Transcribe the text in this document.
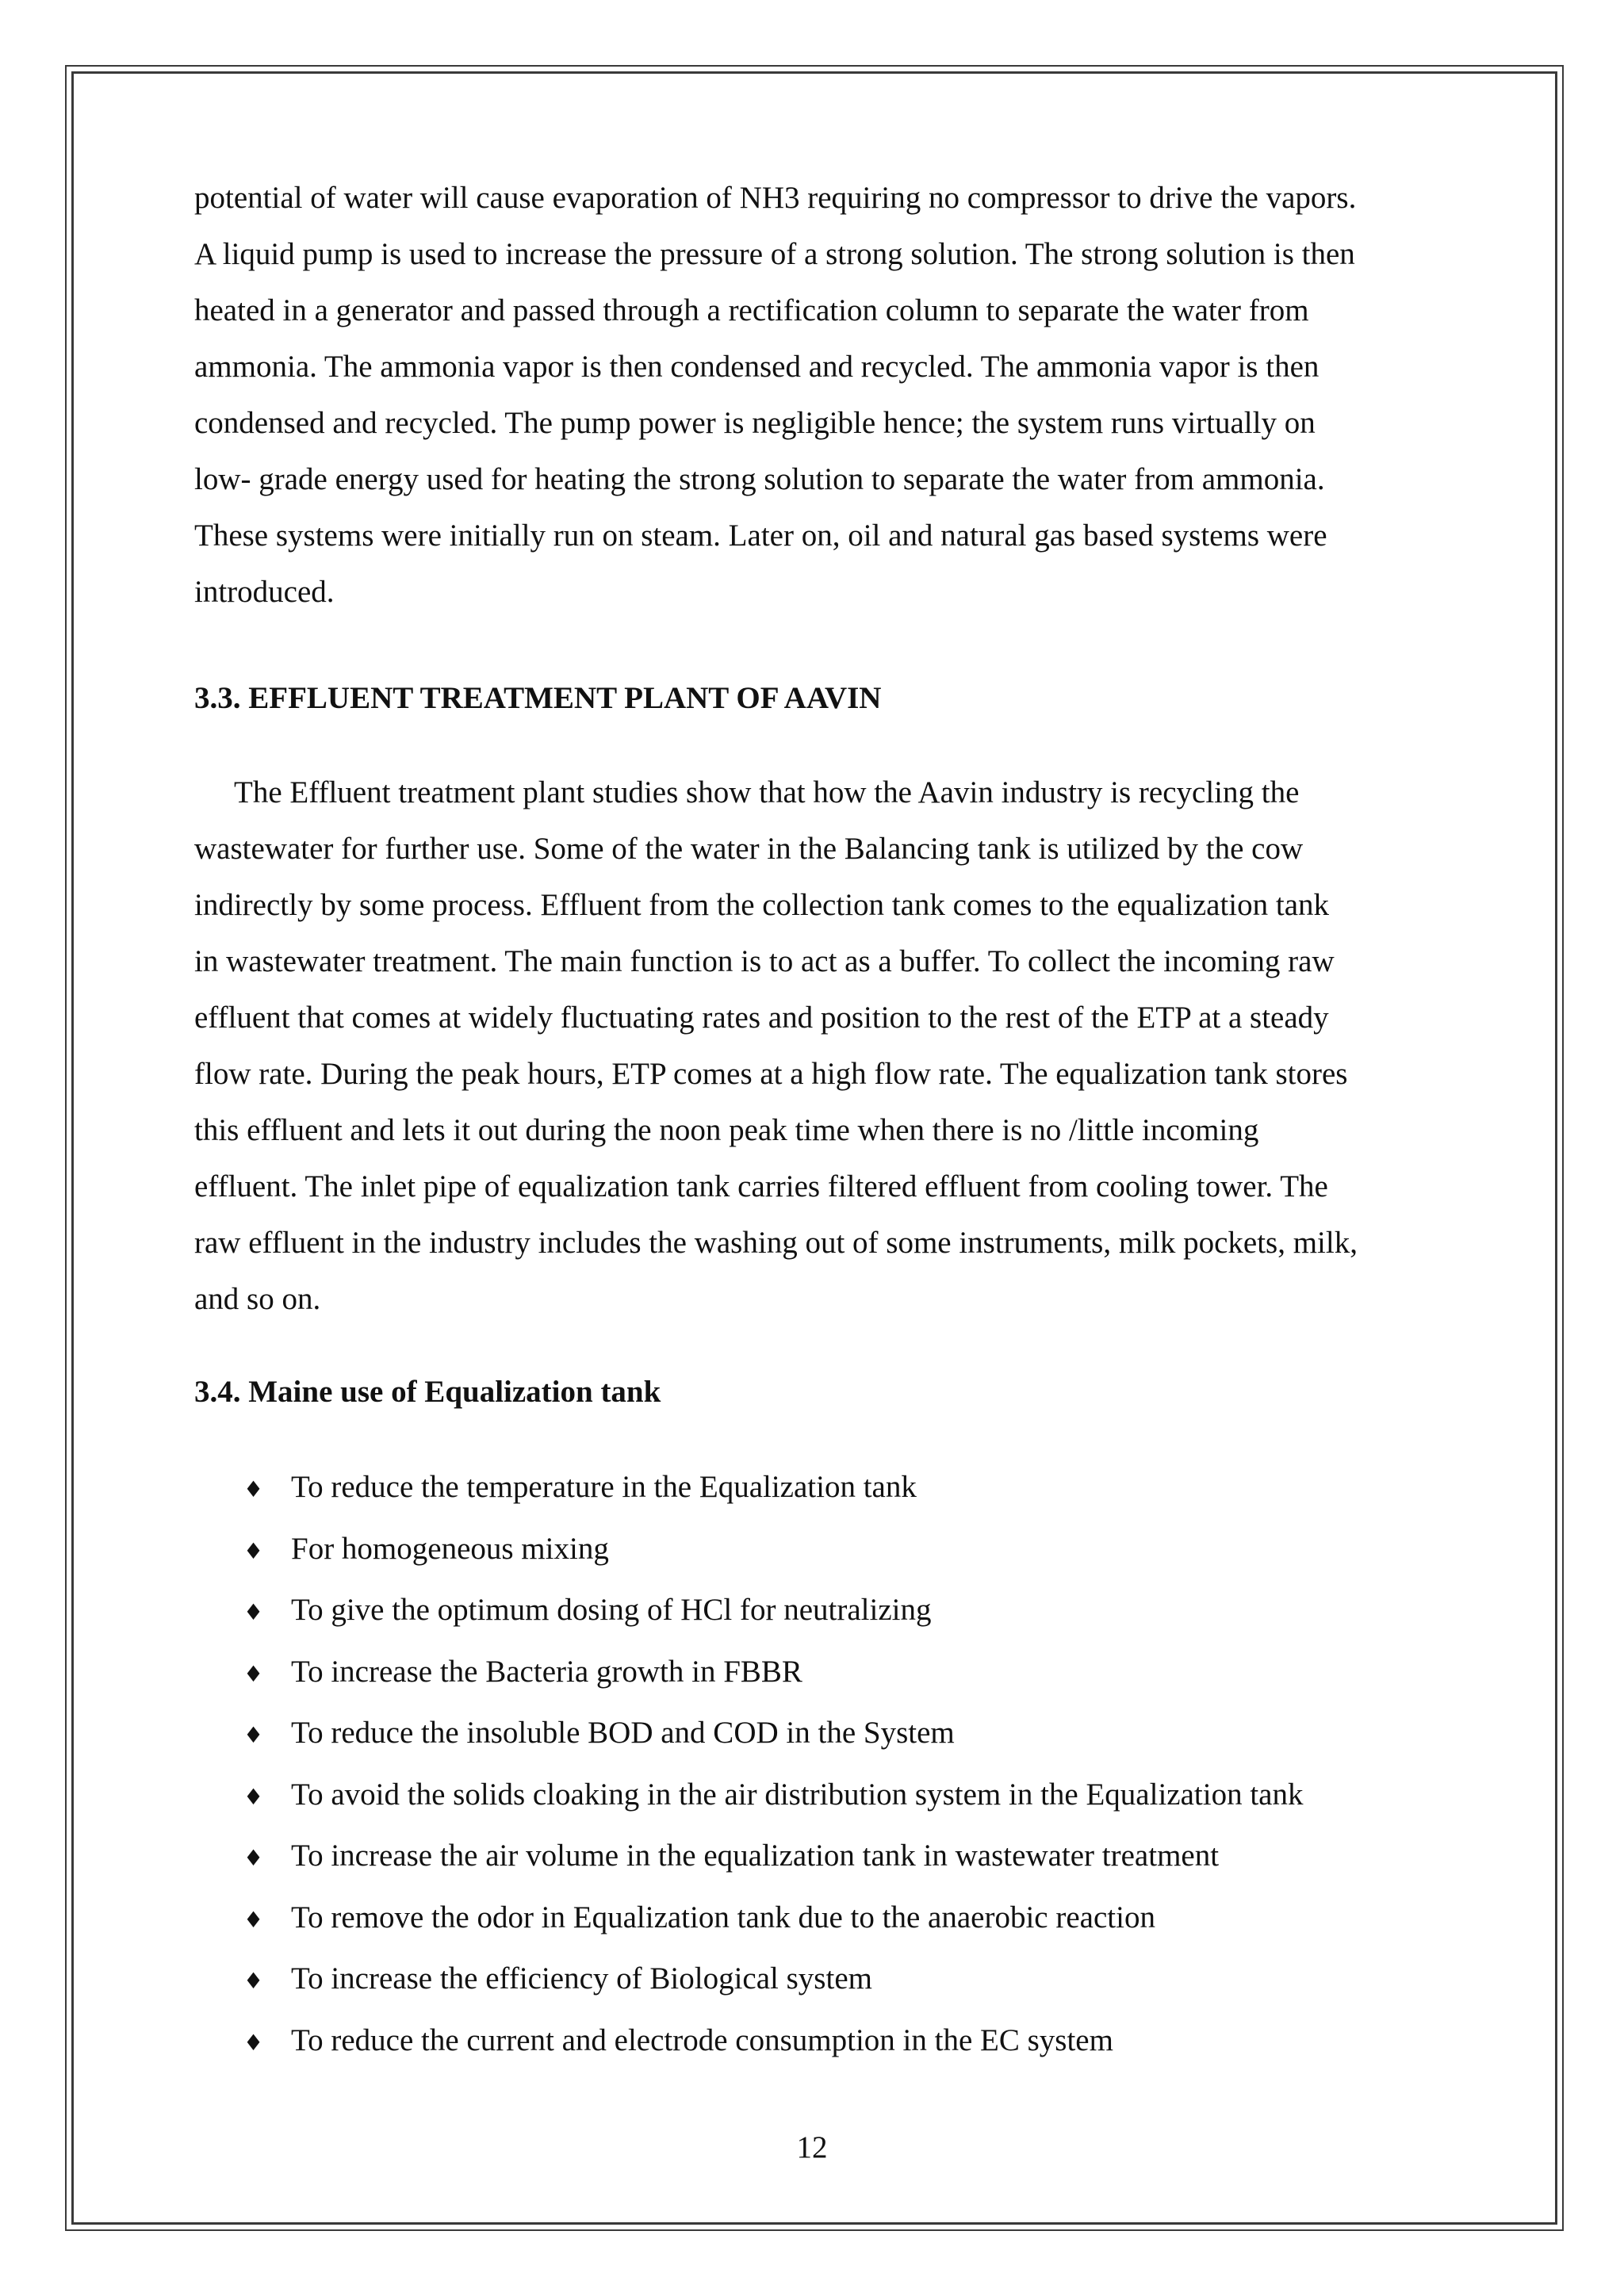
potential of water will cause evaporation of NH3 requiring no compressor to drive the vapors.

A liquid pump is used to increase the pressure of a strong solution. The strong solution is then

heated in a generator and passed through a rectification column to separate the water from

ammonia. The ammonia vapor is then condensed and recycled. The ammonia vapor is then

condensed and recycled. The pump power is negligible hence; the system runs virtually on

low- grade energy used for heating the strong solution to separate the water from ammonia.

These systems were initially run on steam. Later on, oil and natural gas based systems were

introduced.

3.3. EFFLUENT TREATMENT PLANT OF AAVIN

The Effluent treatment plant studies show that how the Aavin industry is recycling the

wastewater for further use. Some of the water in the Balancing tank is utilized by the cow

indirectly by some process. Effluent from the collection tank comes to the equalization tank

in wastewater treatment. The main function is to act as a buffer. To collect the incoming raw

effluent that comes at widely fluctuating rates and position to the rest of the ETP at a steady

flow rate. During the peak hours, ETP comes at a high flow rate. The equalization tank stores

this effluent and lets it out during the noon peak time when there is no /little incoming

effluent. The inlet pipe of equalization tank carries filtered effluent from cooling tower. The

raw effluent in the industry includes the washing out of some instruments, milk pockets, milk,

and so on.

3.4. Maine use of Equalization tank
♦ To reduce the temperature in the Equalization tank
♦ For homogeneous mixing
♦ To give the optimum dosing of HCl for neutralizing
♦ To increase the Bacteria growth in FBBR
♦ To reduce the insoluble BOD and COD in the System
♦ To avoid the solids cloaking in the air distribution system in the Equalization tank
♦ To increase the air volume in the equalization tank in wastewater treatment
♦ To remove the odor in Equalization tank due to the anaerobic reaction
♦ To increase the efficiency of Biological system
♦ To reduce the current and electrode consumption in the EC system
12
